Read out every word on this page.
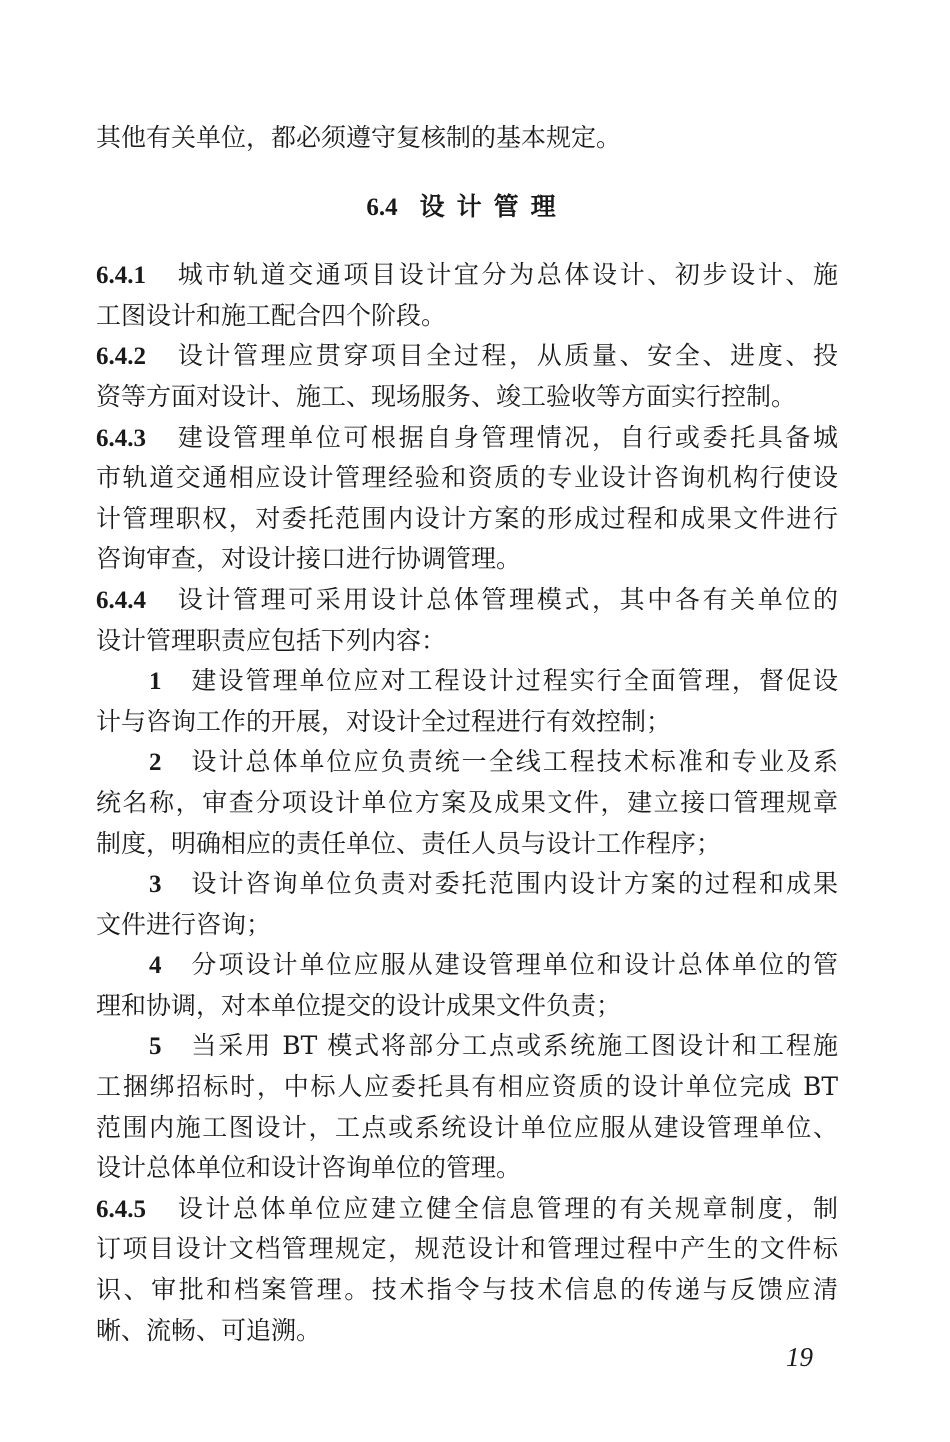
其他有关单位，都必须遵守复核制的基本规定。
6.4 设计管理
6.4.1 城市轨道交通项目设计宜分为总体设计、初步设计、施
工图设计和施工配合四个阶段。
6.4.2 设计管理应贯穿项目全过程，从质量、安全、进度、投
资等方面对设计、施工、现场服务、竣工验收等方面实行控制。
6.4.3 建设管理单位可根据自身管理情况，自行或委托具备城
市轨道交通相应设计管理经验和资质的专业设计咨询机构行使设
计管理职权，对委托范围内设计方案的形成过程和成果文件进行
咨询审查，对设计接口进行协调管理。
6.4.4 设计管理可采用设计总体管理模式，其中各有关单位的
设计管理职责应包括下列内容：
1 建设管理单位应对工程设计过程实行全面管理，督促设
计与咨询工作的开展，对设计全过程进行有效控制；
2 设计总体单位应负责统一全线工程技术标准和专业及系
统名称，审查分项设计单位方案及成果文件，建立接口管理规章
制度，明确相应的责任单位、责任人员与设计工作程序；
3 设计咨询单位负责对委托范围内设计方案的过程和成果
文件进行咨询；
4 分项设计单位应服从建设管理单位和设计总体单位的管
理和协调，对本单位提交的设计成果文件负责；
5 当采用 BT 模式将部分工点或系统施工图设计和工程施
工捆绑招标时，中标人应委托具有相应资质的设计单位完成 BT
范围内施工图设计，工点或系统设计单位应服从建设管理单位、
设计总体单位和设计咨询单位的管理。
6.4.5 设计总体单位应建立健全信息管理的有关规章制度，制
订项目设计文档管理规定，规范设计和管理过程中产生的文件标
识、审批和档案管理。技术指令与技术信息的传递与反馈应清
晰、流畅、可追溯。
19
